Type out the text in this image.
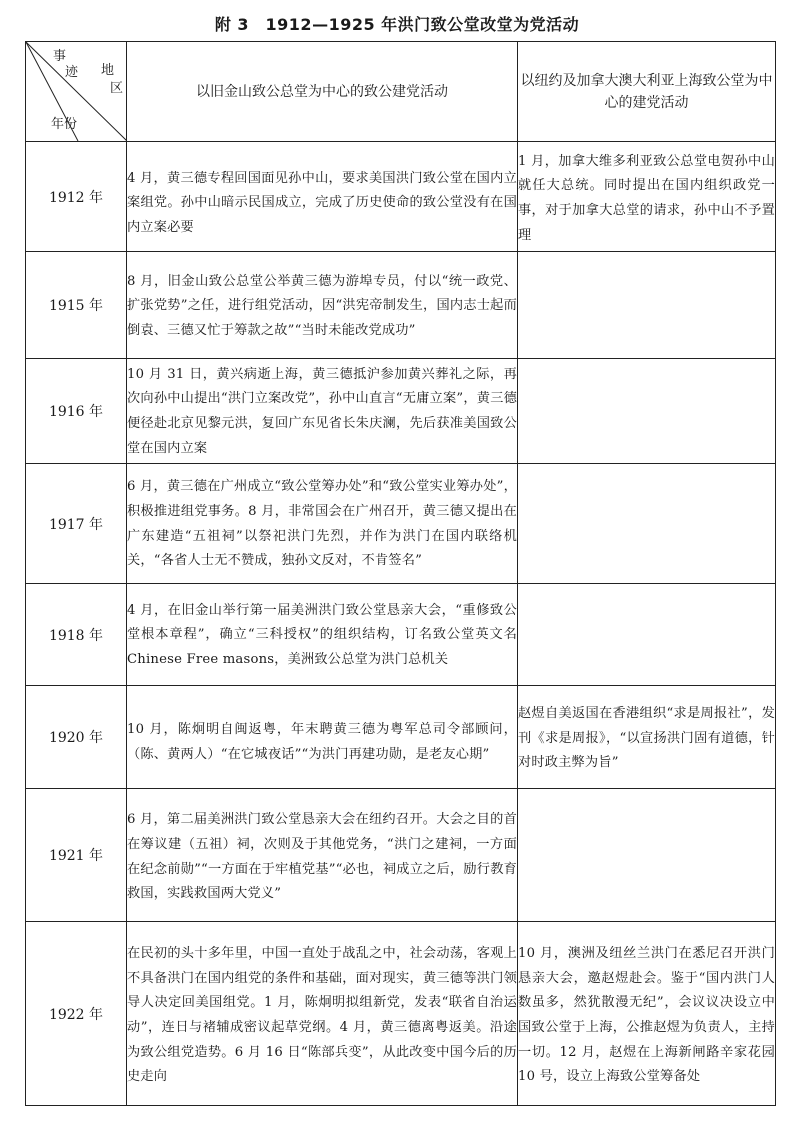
附 3　1912—1925 年洪门致公堂改堂为党活动
事
迹 地
区
年份	以旧金山致公总堂为中心的致公建党活动	以纽约及加拿大澳大利亚上海致公堂为中心的建党活动
1912 年	4 月，黄三德专程回国面见孙中山，要求美国洪门致公堂在国内立案组党。孙中山暗示民国成立，完成了历史使命的致公堂没有在国内立案必要	1 月，加拿大维多利亚致公总堂电贺孙中山就任大总统。同时提出在国内组织政党一事，对于加拿大总堂的请求，孙中山不予置理
1915 年	8 月，旧金山致公总堂公举黄三德为游埠专员，付以“统一政党、扩张党势”之任，进行组党活动，因“洪宪帝制发生，国内志士起而倒袁、三德又忙于筹款之故”“当时未能改党成功”	
1916 年	10 月 31 日，黄兴病逝上海，黄三德抵沪参加黄兴葬礼之际，再次向孙中山提出“洪门立案改党”，孙中山直言“无庸立案”，黄三德便径赴北京见黎元洪，复回广东见省长朱庆澜，先后获准美国致公堂在国内立案	
1917 年	6 月，黄三德在广州成立“致公堂筹办处”和“致公堂实业筹办处”，积极推进组党事务。8 月，非常国会在广州召开，黄三德又提出在广东建造“五祖祠”以祭祀洪门先烈，并作为洪门在国内联络机关，“各省人士无不赞成，独孙文反对，不肯签名”	
1918 年	4 月，在旧金山举行第一届美洲洪门致公堂恳亲大会，“重修致公堂根本章程”，确立“三科授权”的组织结构，订名致公堂英文名 Chinese Free masons，美洲致公总堂为洪门总机关	
1920 年	10 月，陈炯明自闽返粤，年末聘黄三德为粤军总司令部顾问，（陈、黄两人）“在它城夜话”“为洪门再建功勋，是老友心期”	赵煜自美返国在香港组织“求是周报社”，发刊《求是周报》，“以宣扬洪门固有道德，针对时政主弊为旨”
1921 年	6 月，第二届美洲洪门致公堂恳亲大会在纽约召开。大会之目的首在筹议建（五祖）祠，次则及于其他党务，“洪门之建祠，一方面在纪念前勋”“一方面在于牢植党基”“必也，祠成立之后，励行教育救国，实践救国两大党义”	
1922 年	在民初的头十多年里，中国一直处于战乱之中，社会动荡，客观上不具备洪门在国内组党的条件和基础，面对现实，黄三德等洪门领导人决定回美国组党。1 月，陈炯明拟组新党，发表“联省自治运动”，连日与褚辅成密议起草党纲。4 月，黄三德离粤返美。沿途为致公组党造势。6 月 16 日“陈部兵变”，从此改变中国今后的历史走向	10 月，澳洲及纽丝兰洪门在悉尼召开洪门恳亲大会，邀赵煜赴会。鉴于“国内洪门人数虽多，然犹散漫无纪”，会议议决设立中国致公堂于上海，公推赵煜为负责人，主持一切。12 月，赵煜在上海新闸路辛家花园 10 号，设立上海致公堂筹备处
